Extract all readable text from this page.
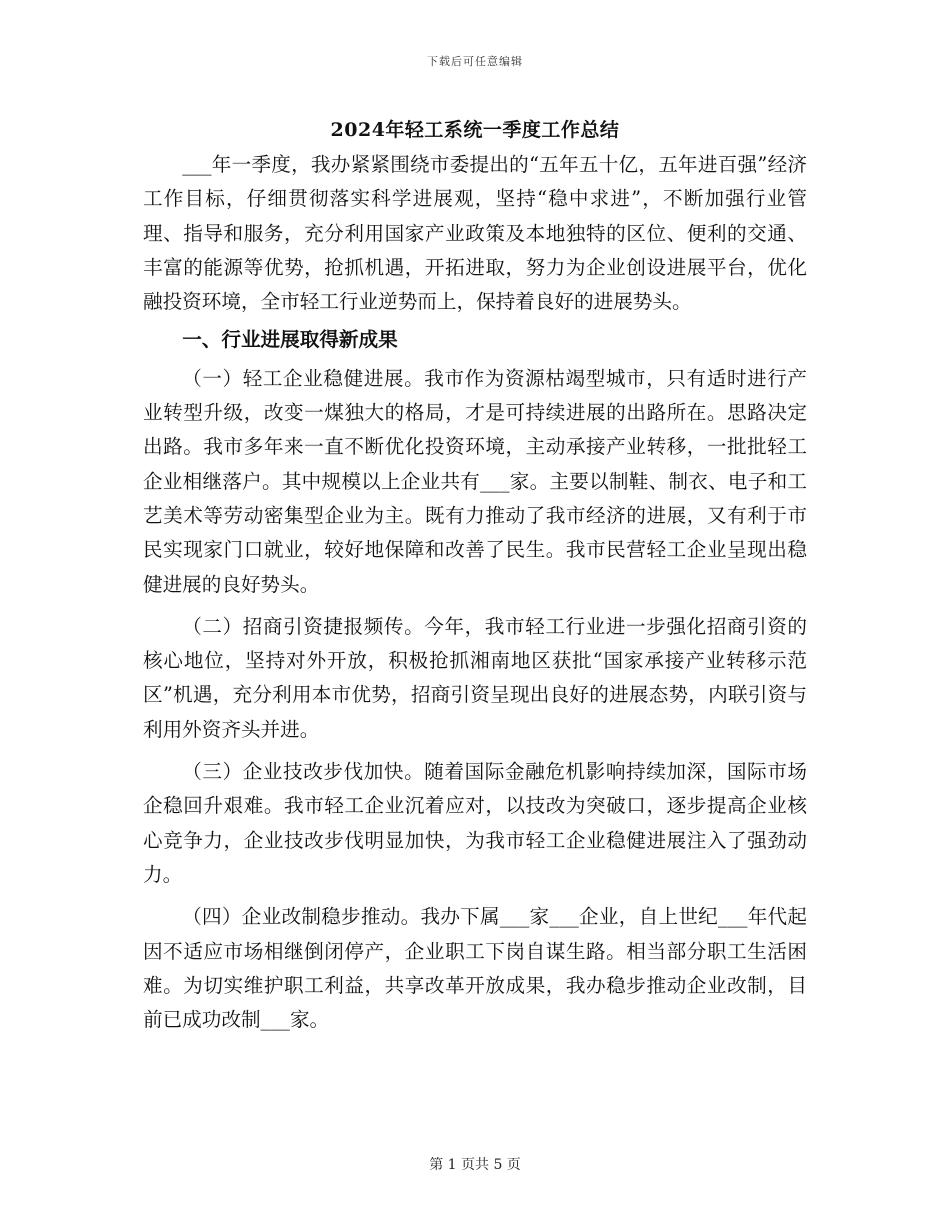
下载后可任意编辑
2024年轻工系统一季度工作总结

___年一季度，我办紧紧围绕市委提出的“五年五十亿，五年进百强”经济工作目标，仔细贯彻落实科学进展观，坚持“稳中求进”，不断加强行业管理、指导和服务，充分利用国家产业政策及本地独特的区位、便利的交通、丰富的能源等优势，抢抓机遇，开拓进取，努力为企业创设进展平台，优化融投资环境，全市轻工行业逆势而上，保持着良好的进展势头。

一、行业进展取得新成果

（一）轻工企业稳健进展。我市作为资源枯竭型城市，只有适时进行产业转型升级，改变一煤独大的格局，才是可持续进展的出路所在。思路决定出路。我市多年来一直不断优化投资环境，主动承接产业转移，一批批轻工企业相继落户。其中规模以上企业共有___家。主要以制鞋、制衣、电子和工艺美术等劳动密集型企业为主。既有力推动了我市经济的进展，又有利于市民实现家门口就业，较好地保障和改善了民生。我市民营轻工企业呈现出稳健进展的良好势头。

（二）招商引资捷报频传。今年，我市轻工行业进一步强化招商引资的核心地位，坚持对外开放，积极抢抓湘南地区获批“国家承接产业转移示范区”机遇，充分利用本市优势，招商引资呈现出良好的进展态势，内联引资与利用外资齐头并进。

（三）企业技改步伐加快。随着国际金融危机影响持续加深，国际市场企稳回升艰难。我市轻工企业沉着应对，以技改为突破口，逐步提高企业核心竞争力，企业技改步伐明显加快，为我市轻工企业稳健进展注入了强劲动力。

（四）企业改制稳步推动。我办下属___家___企业，自上世纪___年代起因不适应市场相继倒闭停产，企业职工下岗自谋生路。相当部分职工生活困难。为切实维护职工利益，共享改革开放成果，我办稳步推动企业改制，目前已成功改制___家。

第 1 页共 5 页
